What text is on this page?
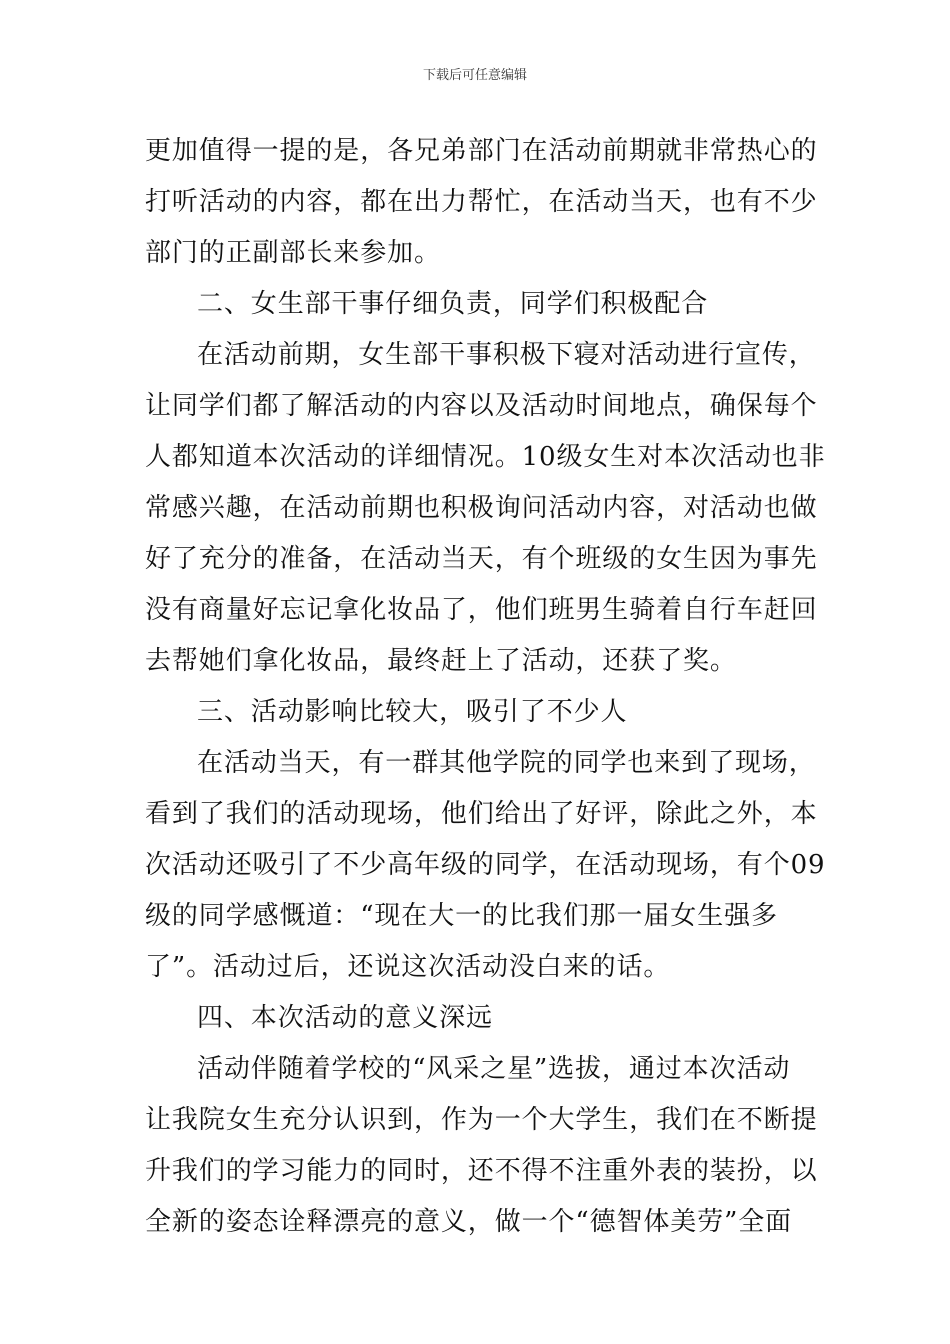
下载后可任意编辑
更加值得一提的是，各兄弟部门在活动前期就非常热心的
打听活动的内容，都在出力帮忙，在活动当天，也有不少
部门的正副部长来参加。
二、女生部干事仔细负责，同学们积极配合
在活动前期，女生部干事积极下寝对活动进行宣传，
让同学们都了解活动的内容以及活动时间地点，确保每个
人都知道本次活动的详细情况。10级女生对本次活动也非
常感兴趣，在活动前期也积极询问活动内容，对活动也做
好了充分的准备，在活动当天，有个班级的女生因为事先
没有商量好忘记拿化妆品了，他们班男生骑着自行车赶回
去帮她们拿化妆品，最终赶上了活动，还获了奖。
三、活动影响比较大，吸引了不少人
在活动当天，有一群其他学院的同学也来到了现场，
看到了我们的活动现场，他们给出了好评，除此之外，本
次活动还吸引了不少高年级的同学，在活动现场，有个09
级的同学感慨道：“现在大一的比我们那一届女生强多
了”。活动过后，还说这次活动没白来的话。
四、本次活动的意义深远
活动伴随着学校的“风采之星”选拔，通过本次活动
让我院女生充分认识到，作为一个大学生，我们在不断提
升我们的学习能力的同时，还不得不注重外表的装扮，以
全新的姿态诠释漂亮的意义，做一个“德智体美劳”全面
